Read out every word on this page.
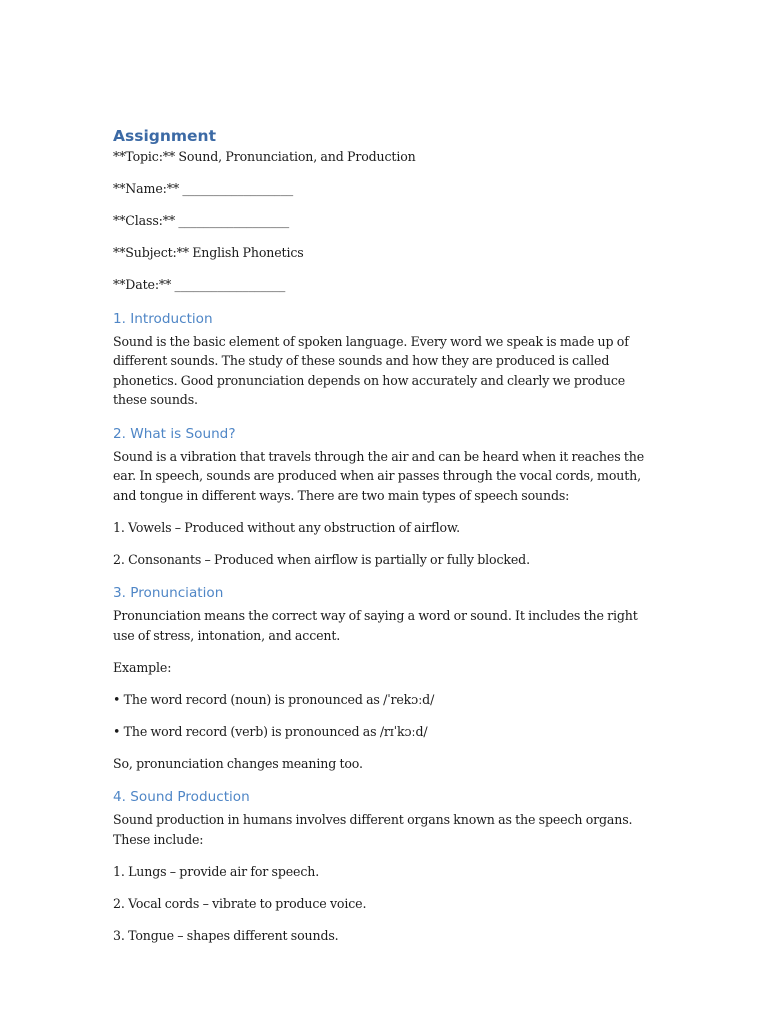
Assignment

**Topic:** Sound, Pronunciation, and Production

**Name:** __________________

**Class:** __________________

**Subject:** English Phonetics

**Date:** __________________

1. Introduction

Sound is the basic element of spoken language. Every word we speak is made up of different sounds. The study of these sounds and how they are produced is called phonetics. Good pronunciation depends on how accurately and clearly we produce these sounds.

2. What is Sound?

Sound is a vibration that travels through the air and can be heard when it reaches the ear. In speech, sounds are produced when air passes through the vocal cords, mouth, and tongue in different ways. There are two main types of speech sounds:

1. Vowels – Produced without any obstruction of airflow.

2. Consonants – Produced when airflow is partially or fully blocked.

3. Pronunciation

Pronunciation means the correct way of saying a word or sound. It includes the right use of stress, intonation, and accent.

Example:

• The word record (noun) is pronounced as /ˈrekɔːd/

• The word record (verb) is pronounced as /rɪˈkɔːd/

So, pronunciation changes meaning too.

4. Sound Production

Sound production in humans involves different organs known as the speech organs. These include:

1. Lungs – provide air for speech.

2. Vocal cords – vibrate to produce voice.

3. Tongue – shapes different sounds.
